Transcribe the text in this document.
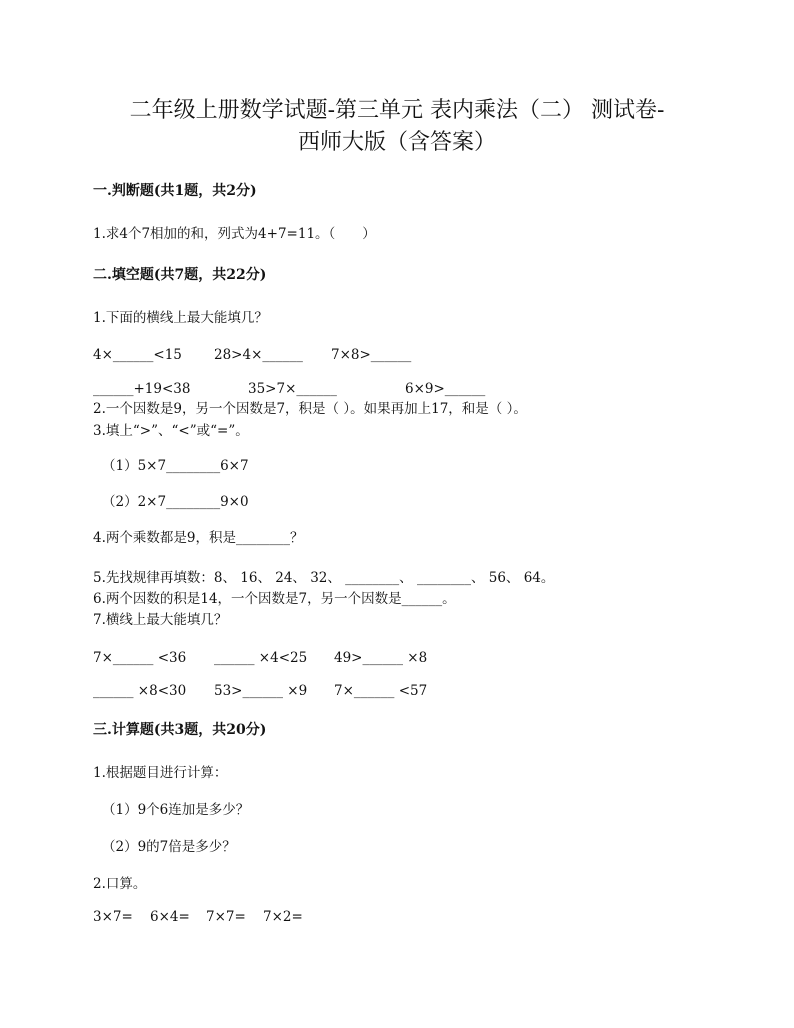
二年级上册数学试题-第三单元 表内乘法（二） 测试卷-
西师大版（含答案）
一.判断题(共1题，共2分)
1.求4个7相加的和，列式为4+7=11。（　　）
二.填空题(共7题，共22分)
1.下面的横线上最大能填几？
4×______<15 28>4×______ 7×8>______
______+19<38	35>7×______	6×9>______
2.一个因数是9，另一个因数是7，积是（ ）。如果再加上17，和是（ ）。
3.填上“>”、“<”或“=”。
（1）5×7________6×7
（2）2×7________9×0
4.两个乘数都是9，积是________？
5.先找规律再填数：8、 16、 24、 32、 ________、 ________、 56、 64。
6.两个因数的积是14，一个因数是7，另一个因数是______。
7.横线上最大能填几？
7×______ <36 ______ ×4<25 49>______ ×8
______ ×8<30 53>______ ×9 7×______ <57
三.计算题(共3题，共20分)
1.根据题目进行计算：
（1）9个6连加是多少？
（2）9的7倍是多少？
2.口算。
3×7= 6×4= 7×7= 7×2=
